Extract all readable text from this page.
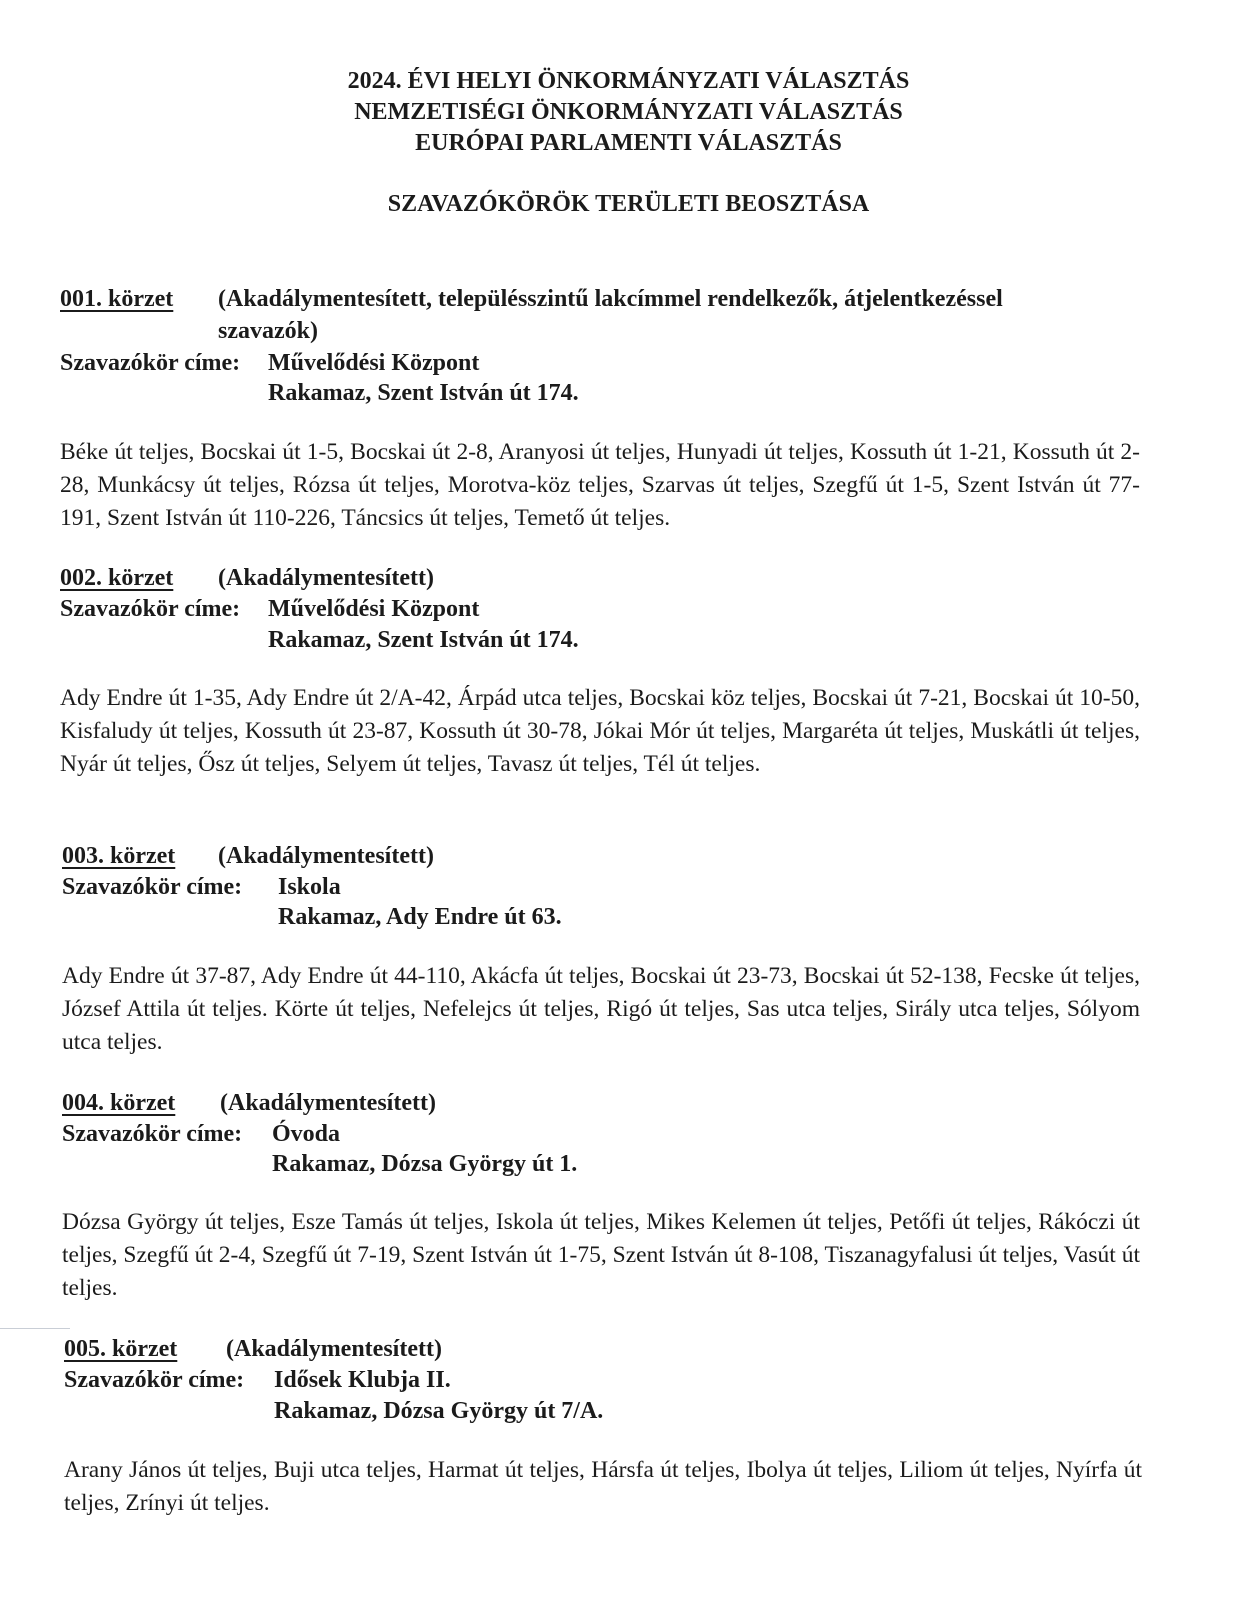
2024. ÉVI HELYI ÖNKORMÁNYZATI VÁLASZTÁS
NEMZETISÉGI ÖNKORMÁNYZATI VÁLASZTÁS
EURÓPAI PARLAMENTI VÁLASZTÁS
SZAVAZÓKÖRÖK TERÜLETI BEOSZTÁSA
001. körzet (Akadálymentesített, településszintű lakcímmel rendelkezők, átjelentkezéssel
szavazók)
Szavazókör címe: Művelődési Központ
Rakamaz, Szent István út 174.
Béke út teljes, Bocskai út 1-5, Bocskai út 2-8, Aranyosi út teljes, Hunyadi út teljes, Kossuth út 1-21, Kossuth út 2-28, Munkácsy út teljes, Rózsa út teljes, Morotva-köz teljes, Szarvas út teljes, Szegfű út 1-5, Szent István út 77-191, Szent István út 110-226, Táncsics út teljes, Temető út teljes.
002. körzet (Akadálymentesített)
Szavazókör címe: Művelődési Központ
Rakamaz, Szent István út 174.
Ady Endre út 1-35, Ady Endre út 2/A-42, Árpád utca teljes, Bocskai köz teljes, Bocskai út 7-21, Bocskai út 10-50, Kisfaludy út teljes, Kossuth út 23-87, Kossuth út 30-78, Jókai Mór út teljes, Margaréta út teljes, Muskátli út teljes, Nyár út teljes, Ősz út teljes, Selyem út teljes, Tavasz út teljes, Tél út teljes.
003. körzet (Akadálymentesített)
Szavazókör címe: Iskola
Rakamaz, Ady Endre út 63.
Ady Endre út 37-87, Ady Endre út 44-110, Akácfa út teljes, Bocskai út 23-73, Bocskai út 52-138, Fecske út teljes, József Attila út teljes. Körte út teljes, Nefelejcs út teljes, Rigó út teljes, Sas utca teljes, Sirály utca teljes, Sólyom utca teljes.
004. körzet (Akadálymentesített)
Szavazókör címe: Óvoda
Rakamaz, Dózsa György út 1.
Dózsa György út teljes, Esze Tamás út teljes, Iskola út teljes, Mikes Kelemen út teljes, Petőfi út teljes, Rákóczi út teljes, Szegfű út 2-4, Szegfű út 7-19, Szent István út 1-75, Szent István út 8-108, Tiszanagyfalusi út teljes, Vasút út teljes.
005. körzet (Akadálymentesített)
Szavazókör címe: Idősek Klubja II.
Rakamaz, Dózsa György út 7/A.
Arany János út teljes, Buji utca teljes, Harmat út teljes, Hársfa út teljes, Ibolya út teljes, Liliom út teljes, Nyírfa út teljes, Zrínyi út teljes.
